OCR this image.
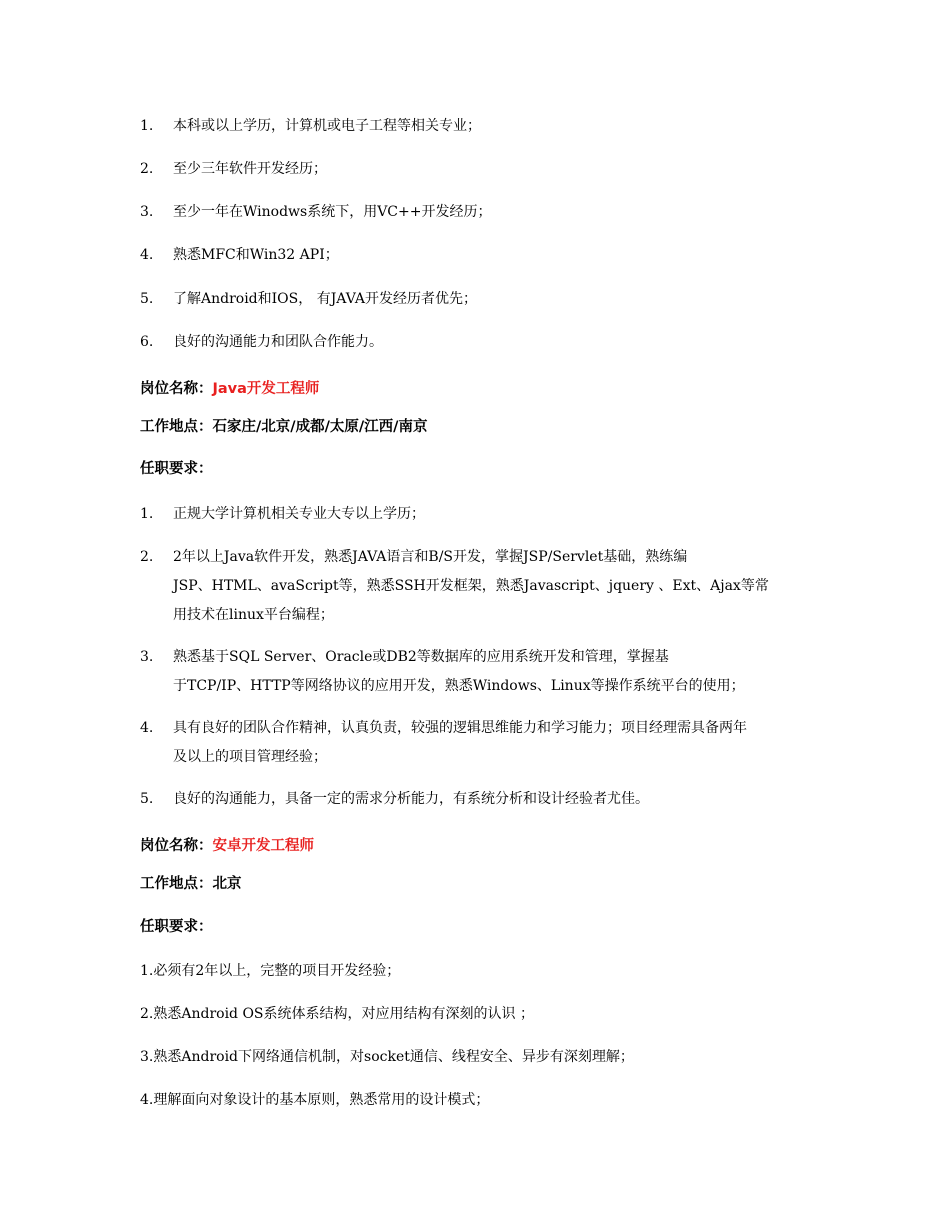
1. 本科或以上学历，计算机或电子工程等相关专业；
2. 至少三年软件开发经历；
3. 至少一年在Winodws系统下，用VC++开发经历；
4. 熟悉MFC和Win32 API；
5. 了解Android和IOS， 有JAVA开发经历者优先；
6. 良好的沟通能力和团队合作能力。
岗位名称：Java开发工程师
工作地点：石家庄/北京/成都/太原/江西/南京
任职要求：
1. 正规大学计算机相关专业大专以上学历；
2. 2年以上Java软件开发，熟悉JAVA语言和B/S开发，掌握JSP/Servlet基础，熟练编
JSP、HTML、avaScript等，熟悉SSH开发框架，熟悉Javascript、jquery 、Ext、Ajax等常
用技术在linux平台编程；
3. 熟悉基于SQL Server、Oracle或DB2等数据库的应用系统开发和管理，掌握基
于TCP/IP、HTTP等网络协议的应用开发，熟悉Windows、Linux等操作系统平台的使用；
4. 具有良好的团队合作精神，认真负责，较强的逻辑思维能力和学习能力；项目经理需具备两年
及以上的项目管理经验；
5. 良好的沟通能力，具备一定的需求分析能力，有系统分析和设计经验者尤佳。
岗位名称：安卓开发工程师
工作地点：北京
任职要求：
1.必须有2年以上，完整的项目开发经验；
2.熟悉Android OS系统体系结构，对应用结构有深刻的认识 ；
3.熟悉Android下网络通信机制，对socket通信、线程安全、异步有深刻理解；
4.理解面向对象设计的基本原则，熟悉常用的设计模式；
